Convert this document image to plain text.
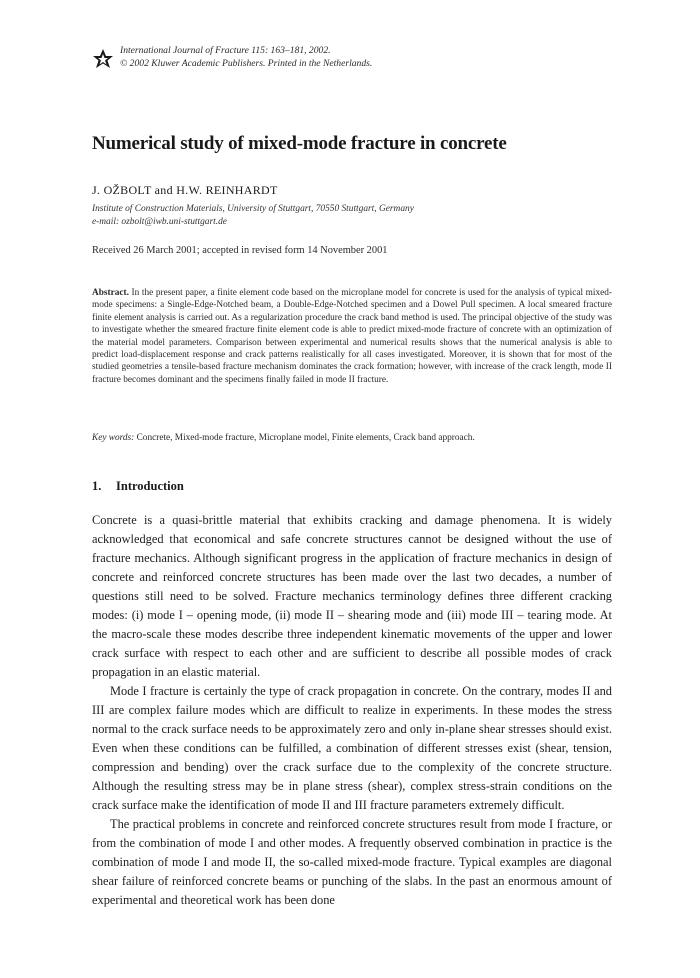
International Journal of Fracture 115: 163–181, 2002.
© 2002 Kluwer Academic Publishers. Printed in the Netherlands.
Numerical study of mixed-mode fracture in concrete
J. OŽBOLT and H.W. REINHARDT
Institute of Construction Materials, University of Stuttgart, 70550 Stuttgart, Germany
e-mail: ozbolt@iwb.uni-stuttgart.de
Received 26 March 2001; accepted in revised form 14 November 2001
Abstract. In the present paper, a finite element code based on the microplane model for concrete is used for the analysis of typical mixed-mode specimens: a Single-Edge-Notched beam, a Double-Edge-Notched specimen and a Dowel Pull specimen. A local smeared fracture finite element analysis is carried out. As a regularization procedure the crack band method is used. The principal objective of the study was to investigate whether the smeared fracture finite element code is able to predict mixed-mode fracture of concrete with an optimization of the material model parameters. Comparison between experimental and numerical results shows that the numerical analysis is able to predict load-displacement response and crack patterns realistically for all cases investigated. Moreover, it is shown that for most of the studied geometries a tensile-based fracture mechanism dominates the crack formation; however, with increase of the crack length, mode II fracture becomes dominant and the specimens finally failed in mode II fracture.
Key words: Concrete, Mixed-mode fracture, Microplane model, Finite elements, Crack band approach.
1. Introduction

Concrete is a quasi-brittle material that exhibits cracking and damage phenomena. It is widely acknowledged that economical and safe concrete structures cannot be designed without the use of fracture mechanics. Although significant progress in the application of fracture mechanics in design of concrete and reinforced concrete structures has been made over the last two decades, a number of questions still need to be solved. Fracture mechanics terminology defines three different cracking modes: (i) mode I – opening mode, (ii) mode II – shearing mode and (iii) mode III – tearing mode. At the macro-scale these modes describe three independent kinematic movements of the upper and lower crack surface with respect to each other and are sufficient to describe all possible modes of crack propagation in an elastic material.

Mode I fracture is certainly the type of crack propagation in concrete. On the contrary, modes II and III are complex failure modes which are difficult to realize in experiments. In these modes the stress normal to the crack surface needs to be approximately zero and only in-plane shear stresses should exist. Even when these conditions can be fulfilled, a combination of different stresses exist (shear, tension, compression and bending) over the crack surface due to the complexity of the concrete structure. Although the resulting stress may be in plane stress (shear), complex stress-strain conditions on the crack surface make the identification of mode II and III fracture parameters extremely difficult.

The practical problems in concrete and reinforced concrete structures result from mode I fracture, or from the combination of mode I and other modes. A frequently observed combination in practice is the combination of mode I and mode II, the so-called mixed-mode fracture. Typical examples are diagonal shear failure of reinforced concrete beams or punching of the slabs. In the past an enormous amount of experimental and theoretical work has been done
